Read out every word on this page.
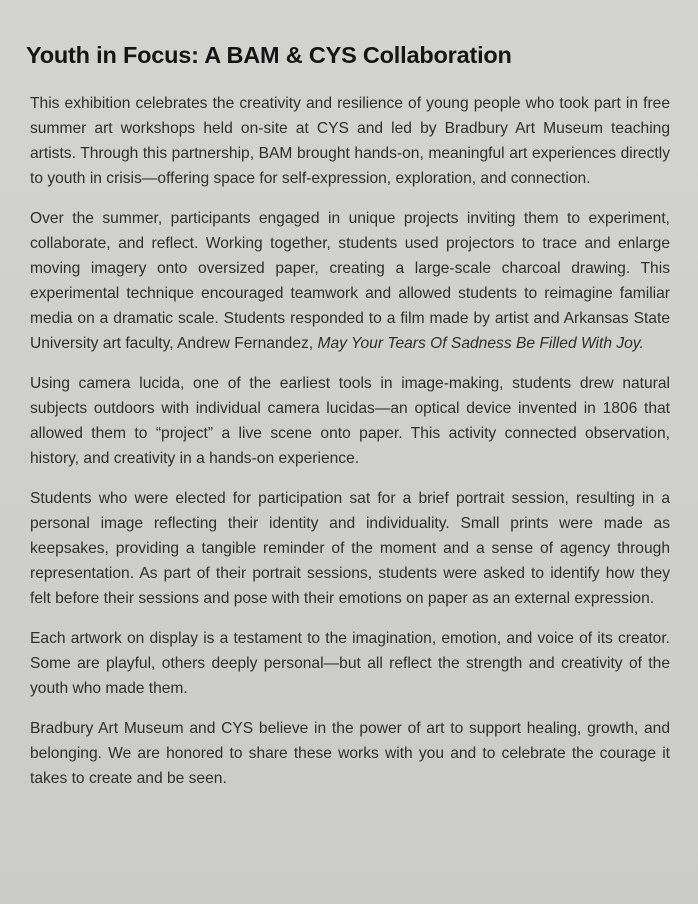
Youth in Focus: A BAM & CYS Collaboration

This exhibition celebrates the creativity and resilience of young people who took part in free summer art workshops held on-site at CYS and led by Bradbury Art Museum teaching artists. Through this partnership, BAM brought hands-on, meaningful art experiences directly to youth in crisis—offering space for self-expression, exploration, and connection.

Over the summer, participants engaged in unique projects inviting them to experiment, collaborate, and reflect. Working together, students used projectors to trace and enlarge moving imagery onto oversized paper, creating a large-scale charcoal drawing. This experimental technique encouraged teamwork and allowed students to reimagine familiar media on a dramatic scale. Students responded to a film made by artist and Arkansas State University art faculty, Andrew Fernandez, May Your Tears Of Sadness Be Filled With Joy.

Using camera lucida, one of the earliest tools in image-making, students drew natural subjects outdoors with individual camera lucidas—an optical device invented in 1806 that allowed them to “project” a live scene onto paper. This activity connected observation, history, and creativity in a hands-on experience.

Students who were elected for participation sat for a brief portrait session, resulting in a personal image reflecting their identity and individuality. Small prints were made as keepsakes, providing a tangible reminder of the moment and a sense of agency through representation. As part of their portrait sessions, students were asked to identify how they felt before their sessions and pose with their emotions on paper as an external expression.

Each artwork on display is a testament to the imagination, emotion, and voice of its creator. Some are playful, others deeply personal—but all reflect the strength and creativity of the youth who made them.

Bradbury Art Museum and CYS believe in the power of art to support healing, growth, and belonging. We are honored to share these works with you and to celebrate the courage it takes to create and be seen.
